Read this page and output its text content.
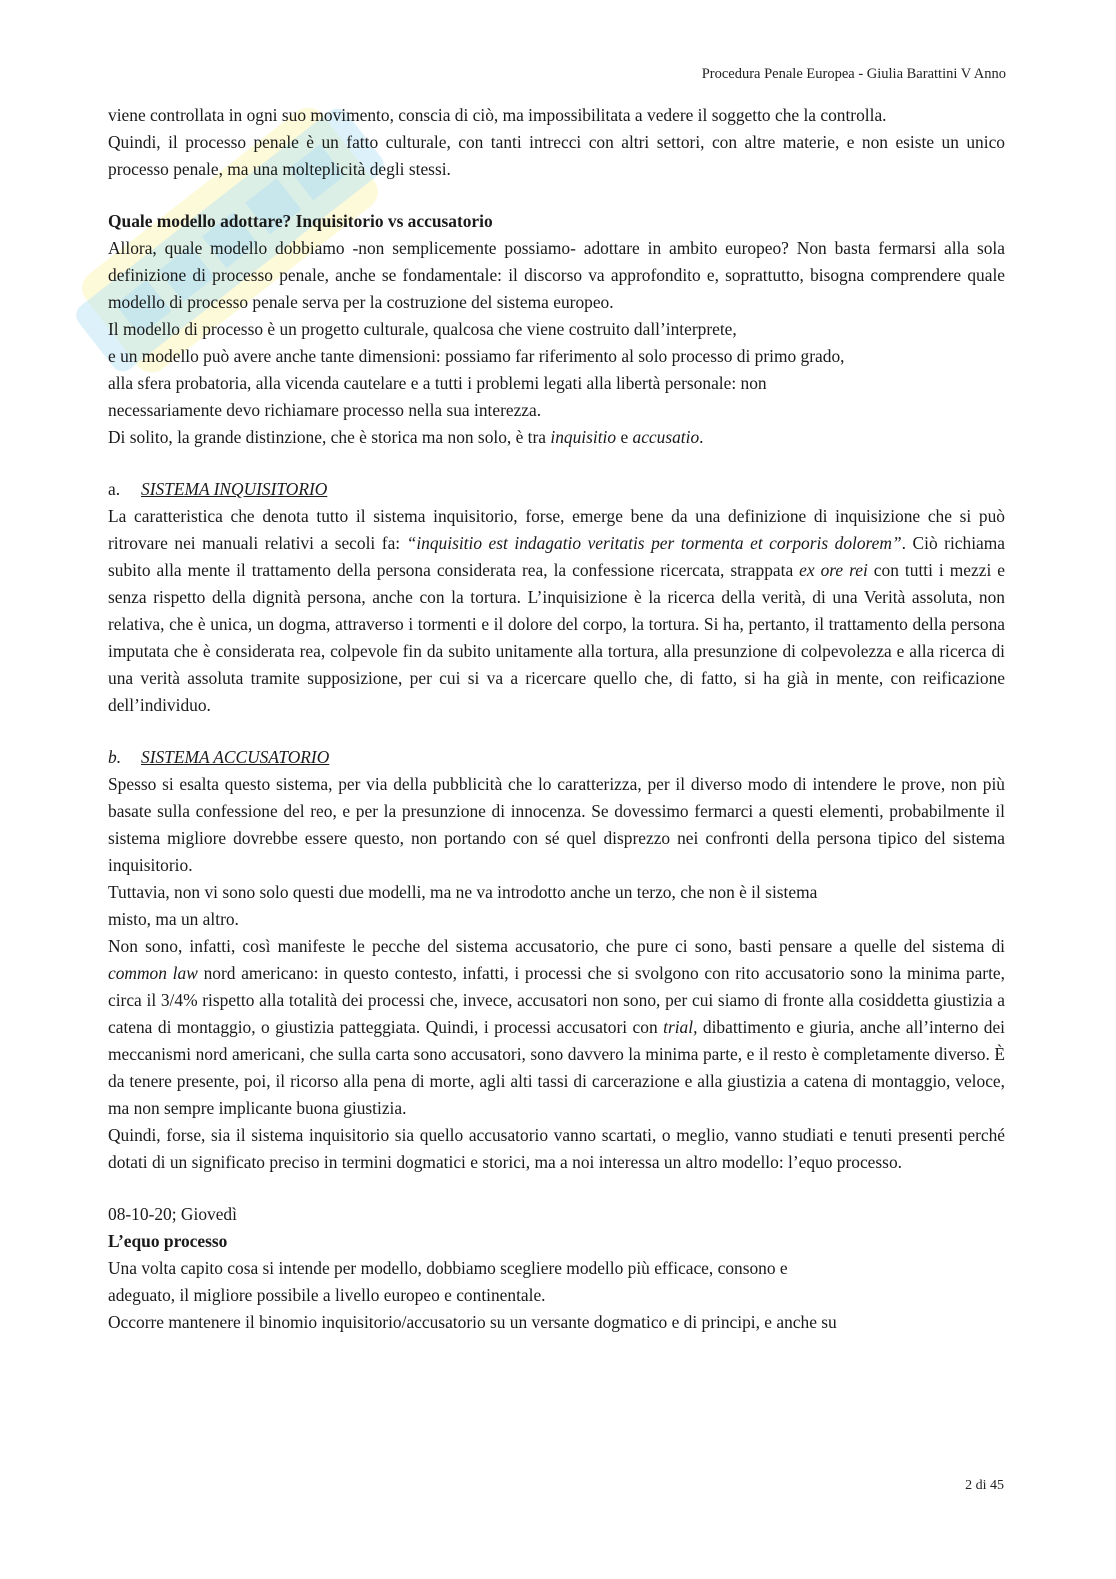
Procedura Penale Europea - Giulia Barattini V Anno

viene controllata in ogni suo movimento, conscia di ciò, ma impossibilitata a vedere il soggetto che la controlla.

Quindi, il processo penale è un fatto culturale, con tanti intrecci con altri settori, con altre materie, e non esiste un unico processo penale, ma una molteplicità degli stessi.

Quale modello adottare? Inquisitorio vs accusatorio

Allora, quale modello dobbiamo -non semplicemente possiamo- adottare in ambito europeo? Non basta fermarsi alla sola definizione di processo penale, anche se fondamentale: il discorso va approfondito e, soprattutto, bisogna comprendere quale modello di processo penale serva per la costruzione del sistema europeo.

Il modello di processo è un progetto culturale, qualcosa che viene costruito dall’interprete,

e un modello può avere anche tante dimensioni: possiamo far riferimento al solo processo di primo grado,

alla sfera probatoria, alla vicenda cautelare e a tutti i problemi legati alla libertà personale: non

necessariamente devo richiamare processo nella sua interezza.

Di solito, la grande distinzione, che è storica ma non solo, è tra inquisitio e accusatio.

a. SISTEMA INQUISITORIO

La caratteristica che denota tutto il sistema inquisitorio, forse, emerge bene da una definizione di inquisizione che si può ritrovare nei manuali relativi a secoli fa: “inquisitio est indagatio veritatis per tormenta et corporis dolorem”. Ciò richiama subito alla mente il trattamento della persona considerata rea, la confessione ricercata, strappata ex ore rei con tutti i mezzi e senza rispetto della dignità persona, anche con la tortura. L’inquisizione è la ricerca della verità, di una Verità assoluta, non relativa, che è unica, un dogma, attraverso i tormenti e il dolore del corpo, la tortura. Si ha, pertanto, il trattamento della persona imputata che è considerata rea, colpevole fin da subito unitamente alla tortura, alla presunzione di colpevolezza e alla ricerca di una verità assoluta tramite supposizione, per cui si va a ricercare quello che, di fatto, si ha già in mente, con reificazione dell’individuo.

b. SISTEMA ACCUSATORIO

Spesso si esalta questo sistema, per via della pubblicità che lo caratterizza, per il diverso modo di intendere le prove, non più basate sulla confessione del reo, e per la presunzione di innocenza. Se dovessimo fermarci a questi elementi, probabilmente il sistema migliore dovrebbe essere questo, non portando con sé quel disprezzo nei confronti della persona tipico del sistema inquisitorio.

Tuttavia, non vi sono solo questi due modelli, ma ne va introdotto anche un terzo, che non è il sistema

misto, ma un altro.

Non sono, infatti, così manifeste le pecche del sistema accusatorio, che pure ci sono, basti pensare a quelle del sistema di common law nord americano: in questo contesto, infatti, i processi che si svolgono con rito accusatorio sono la minima parte, circa il 3/4% rispetto alla totalità dei processi che, invece, accusatori non sono, per cui siamo di fronte alla cosiddetta giustizia a catena di montaggio, o giustizia patteggiata. Quindi, i processi accusatori con trial, dibattimento e giuria, anche all’interno dei meccanismi nord americani, che sulla carta sono accusatori, sono davvero la minima parte, e il resto è completamente diverso. È da tenere presente, poi, il ricorso alla pena di morte, agli alti tassi di carcerazione e alla giustizia a catena di montaggio, veloce, ma non sempre implicante buona giustizia.

Quindi, forse, sia il sistema inquisitorio sia quello accusatorio vanno scartati, o meglio, vanno studiati e tenuti presenti perché dotati di un significato preciso in termini dogmatici e storici, ma a noi interessa un altro modello: l’equo processo.

08-10-20; Giovedì

L’equo processo

Una volta capito cosa si intende per modello, dobbiamo scegliere modello più efficace, consono e

adeguato, il migliore possibile a livello europeo e continentale.

Occorre mantenere il binomio inquisitorio/accusatorio su un versante dogmatico e di principi, e anche su

2 di 45
